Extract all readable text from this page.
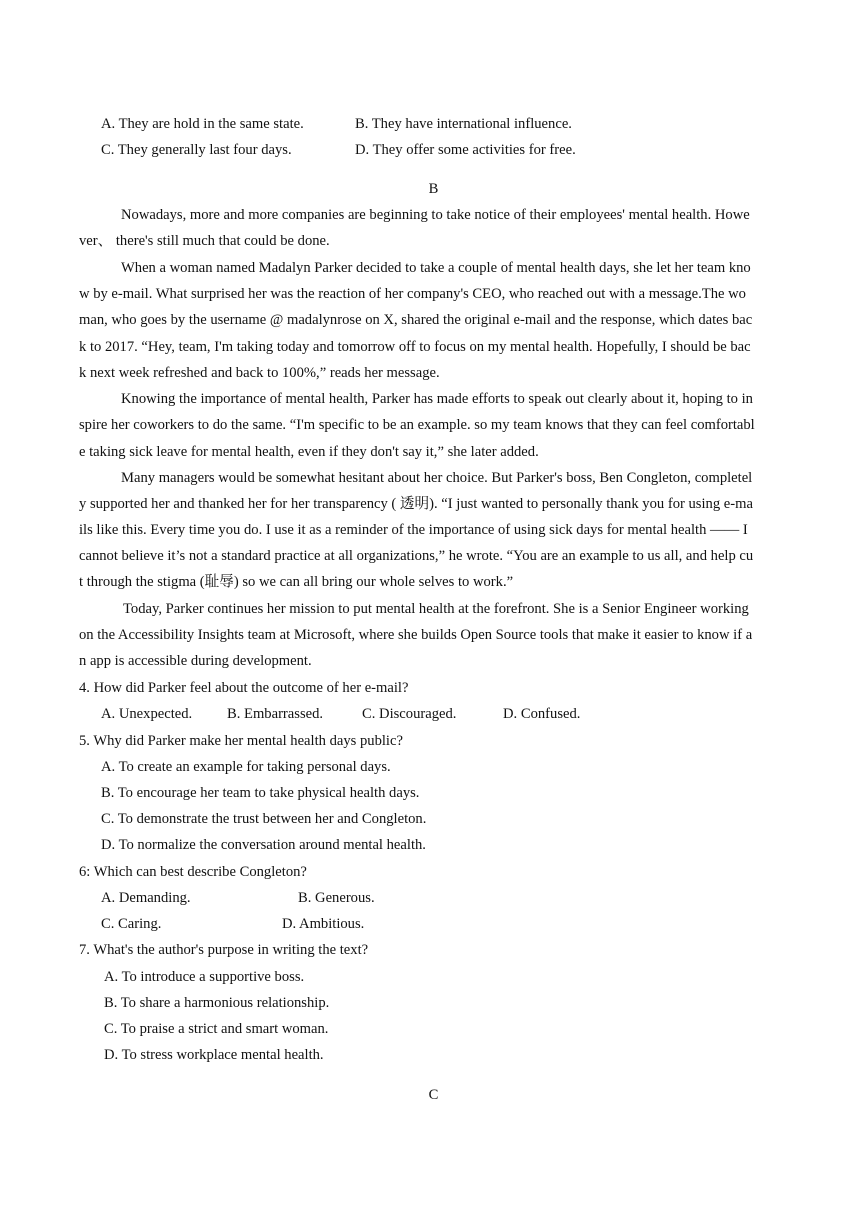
A. They are hold in the same state.	B. They have international influence.
C. They generally last four days.	D. They offer some activities for free.
B
Nowadays, more and more companies are beginning to take notice of their employees' mental health. Howe
ver、 there's still much that could be done.
When a woman named Madalyn Parker decided to take a couple of mental health days, she let her team kno
w by e-mail. What surprised her was the reaction of her company's CEO, who reached out with a message.The wo
man, who goes by the username @ madalynrose on X, shared the original e-mail and the response, which dates bac
k to 2017. “Hey, team, I'm taking today and tomorrow off to focus on my mental health. Hopefully, I should be bac
k next week refreshed and back to 100%,” reads her message.
Knowing the importance of mental health, Parker has made efforts to speak out clearly about it, hoping to in
spire her coworkers to do the same. “I'm specific to be an example. so my team knows that they can feel comfortabl
e taking sick leave for mental health, even if they don't say it,” she later added.
Many managers would be somewhat hesitant about her choice. But Parker's boss, Ben Congleton, completel
y supported her and thanked her for her transparency ( 透明). “I just wanted to personally thank you for using e-ma
ils like this. Every time you do. I use it as a reminder of the importance of using sick days for mental health —— I
cannot believe it’s not a standard practice at all organizations,” he wrote. “You are an example to us all, and help cu
t through the stigma (耻辱) so we can all bring our whole selves to work.”
Today, Parker continues her mission to put mental health at the forefront. She is a Senior Engineer working
on the Accessibility Insights team at Microsoft, where she builds Open Source tools that make it easier to know if a
n app is accessible during development.
4. How did Parker feel about the outcome of her e-mail?
A. Unexpected. B. Embarrassed.	C. Discouraged.	D. Confused.
5. Why did Parker make her mental health days public?
A. To create an example for taking personal days.
B. To encourage her team to take physical health days.
C. To demonstrate the trust between her and Congleton.
D. To normalize the conversation around mental health.
6: Which can best describe Congleton?
A. Demanding.	B. Generous.
C. Caring.	D. Ambitious.
7. What's the author's purpose in writing the text?
A. To introduce a supportive boss.
B. To share a harmonious relationship.
C. To praise a strict and smart woman.
D. To stress workplace mental health.
C
